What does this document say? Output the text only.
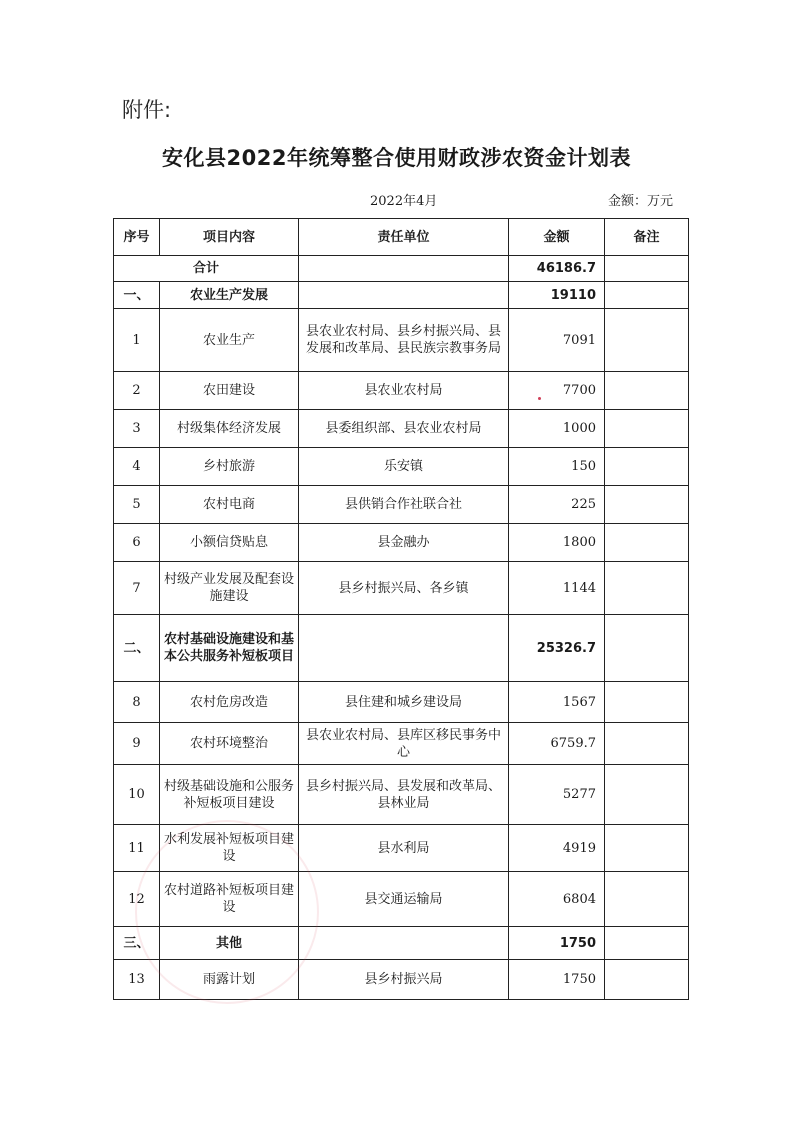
附件:
安化县2022年统筹整合使用财政涉农资金计划表
2022年4月	金额：万元
序号	项目内容	责任单位	金额	备注
合计			46186.7	
一、	农业生产发展		19110	
1	农业生产	县农业农村局、县乡村振兴局、县发展和改革局、县民族宗教事务局	7091	
2	农田建设	县农业农村局	7700	
3	村级集体经济发展	县委组织部、县农业农村局	1000	
4	乡村旅游	乐安镇	150	
5	农村电商	县供销合作社联合社	225	
6	小额信贷贴息	县金融办	1800	
7	村级产业发展及配套设施建设	县乡村振兴局、各乡镇	1144	
二、	农村基础设施建设和基本公共服务补短板项目		25326.7	
8	农村危房改造	县住建和城乡建设局	1567	
9	农村环境整治	县农业农村局、县库区移民事务中心	6759.7	
10	村级基础设施和公服务补短板项目建设	县乡村振兴局、县发展和改革局、县林业局	5277	
11	水利发展补短板项目建设	县水利局	4919	
12	农村道路补短板项目建设	县交通运输局	6804	
三、	其他		1750	
13	雨露计划	县乡村振兴局	1750	
